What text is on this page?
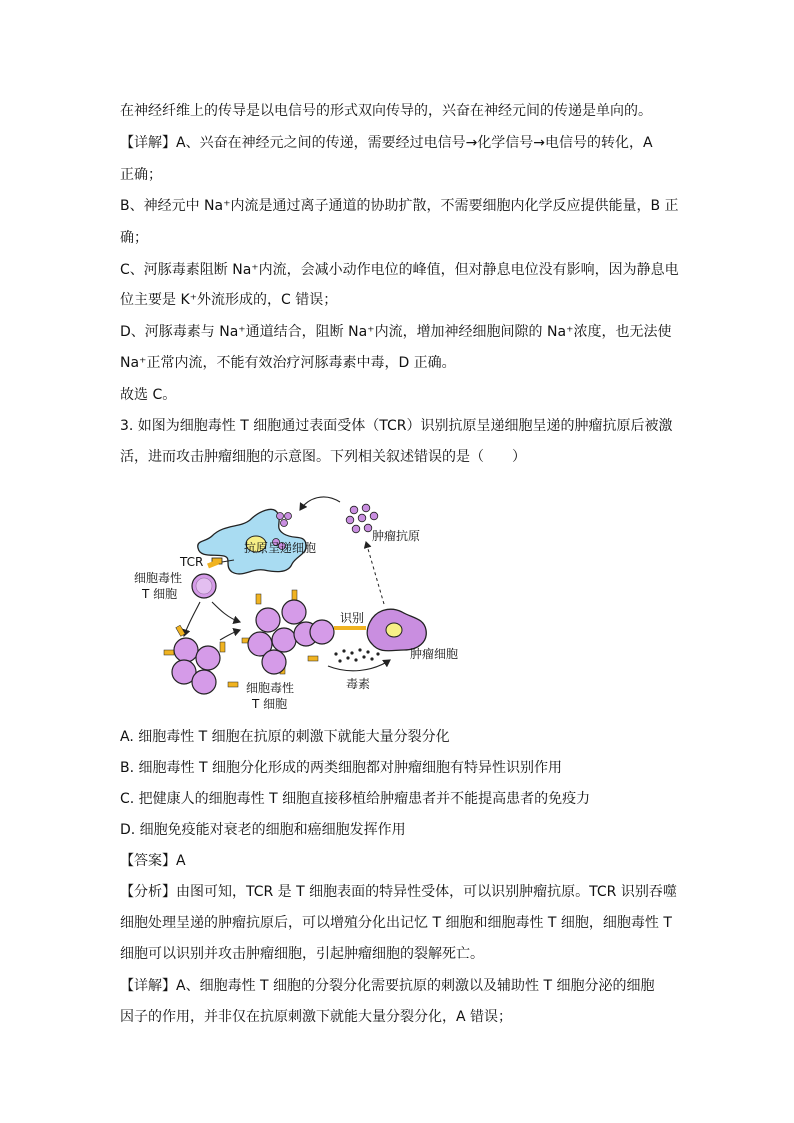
在神经纤维上的传导是以电信号的形式双向传导的，兴奋在神经元间的传递是单向的。
【详解】A、兴奋在神经元之间的传递，需要经过电信号→化学信号→电信号的转化，A
正确；
B、神经元中 Na⁺内流是通过离子通道的协助扩散，不需要细胞内化学反应提供能量，B 正
确；
C、河豚毒素阻断 Na⁺内流，会减小动作电位的峰值，但对静息电位没有影响，因为静息电
位主要是 K⁺外流形成的，C 错误；
D、河豚毒素与 Na⁺通道结合，阻断 Na⁺内流，增加神经细胞间隙的 Na⁺浓度，也无法使
Na⁺正常内流，不能有效治疗河豚毒素中毒，D 正确。
故选 C。
3. 如图为细胞毒性 T 细胞通过表面受体（TCR）识别抗原呈递细胞呈递的肿瘤抗原后被激
活，进而攻击肿瘤细胞的示意图。下列相关叙述错误的是（　　）
抗原呈递细胞
肿瘤抗原
TCR
细胞毒性
T 细胞
细胞毒性
T 细胞
识别
肿瘤细胞
毒素
A. 细胞毒性 T 细胞在抗原的刺激下就能大量分裂分化
B. 细胞毒性 T 细胞分化形成的两类细胞都对肿瘤细胞有特异性识别作用
C. 把健康人的细胞毒性 T 细胞直接移植给肿瘤患者并不能提高患者的免疫力
D. 细胞免疫能对衰老的细胞和癌细胞发挥作用
【答案】A
【分析】由图可知，TCR 是 T 细胞表面的特异性受体，可以识别肿瘤抗原。TCR 识别吞噬
细胞处理呈递的肿瘤抗原后，可以增殖分化出记忆 T 细胞和细胞毒性 T 细胞，细胞毒性 T
细胞可以识别并攻击肿瘤细胞，引起肿瘤细胞的裂解死亡。
【详解】A、细胞毒性 T 细胞的分裂分化需要抗原的刺激以及辅助性 T 细胞分泌的细胞
因子的作用，并非仅在抗原刺激下就能大量分裂分化，A 错误；
